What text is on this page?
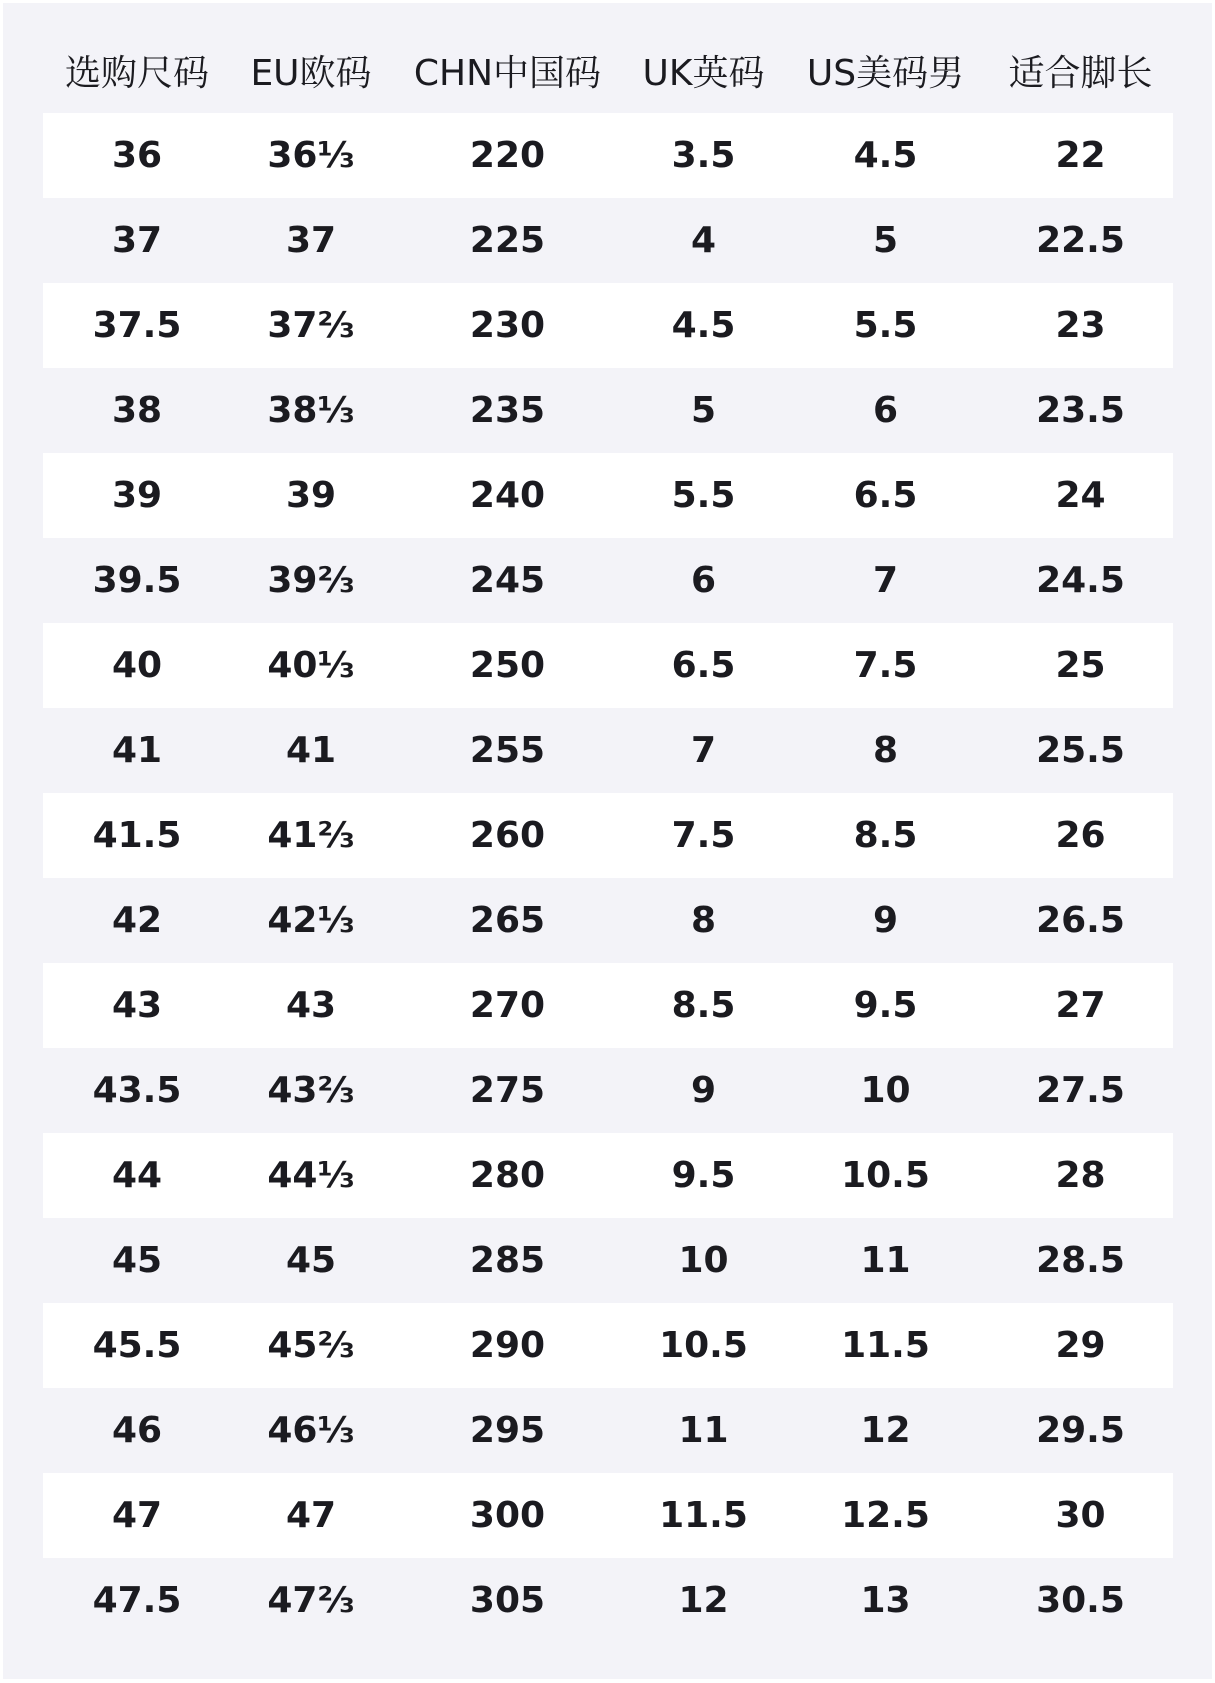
选购尺码	EU欧码	CHN中国码	UK英码	US美码男	适合脚长
36	36⅓	220	3.5	4.5	22
37	37	225	4	5	22.5
37.5	37⅔	230	4.5	5.5	23
38	38⅓	235	5	6	23.5
39	39	240	5.5	6.5	24
39.5	39⅔	245	6	7	24.5
40	40⅓	250	6.5	7.5	25
41	41	255	7	8	25.5
41.5	41⅔	260	7.5	8.5	26
42	42⅓	265	8	9	26.5
43	43	270	8.5	9.5	27
43.5	43⅔	275	9	10	27.5
44	44⅓	280	9.5	10.5	28
45	45	285	10	11	28.5
45.5	45⅔	290	10.5	11.5	29
46	46⅓	295	11	12	29.5
47	47	300	11.5	12.5	30
47.5	47⅔	305	12	13	30.5
